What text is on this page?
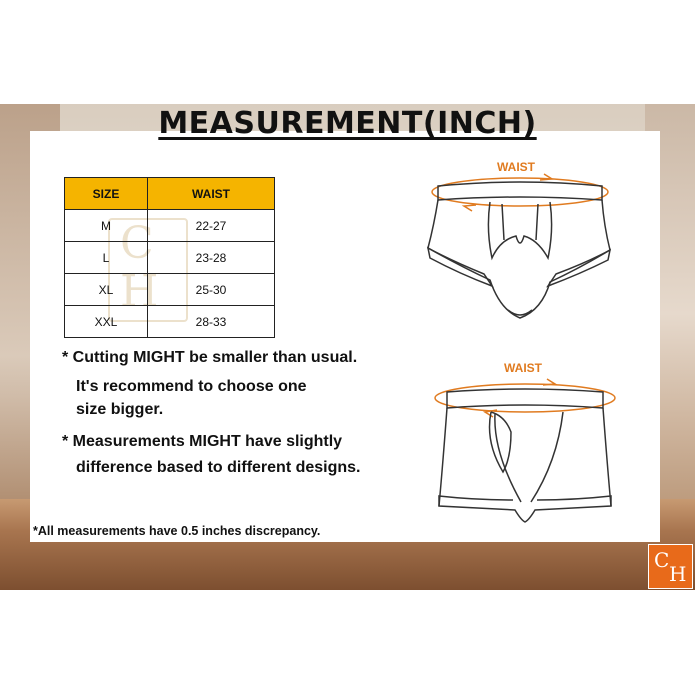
MEASUREMENT(INCH)
C
H
SIZE	WAIST
M	22-27
L	23-28
XL	25-30
XXL	28-33
* Cutting MIGHT be smaller than usual.
It's recommend to choose one
size bigger.
* Measurements MIGHT have slightly
difference based to different designs.
*All measurements have 0.5 inches discrepancy.
WAIST
WAIST
C
H
